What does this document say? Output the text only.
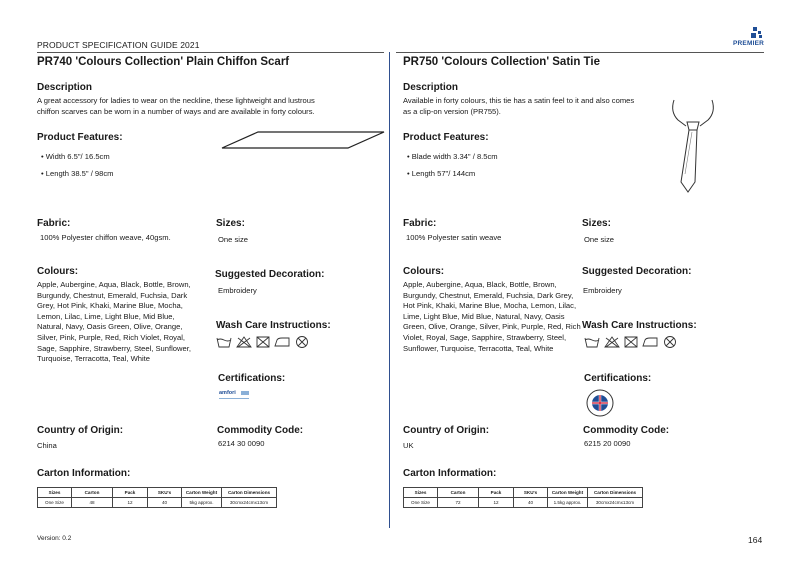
PRODUCT SPECIFICATION GUIDE 2021	PREMIER
PR740 'Colours Collection' Plain Chiffon Scarf
Description
A great accessory for ladies to wear on the neckline, these lightweight and lustrous chiffon scarves can be worn in a number of ways and are available in forty colours.
Product Features:
• Width 6.5"/ 16.5cm
• Length 38.5" / 98cm
Fabric:
100% Polyester chiffon weave, 40gsm.
Sizes:
One size
Colours:
Apple, Aubergine, Aqua, Black, Bottle, Brown, Burgundy, Chestnut, Emerald, Fuchsia, Dark Grey, Hot Pink, Khaki, Marine Blue, Mocha, Lemon, Lilac, Lime, Light Blue, Mid Blue, Natural, Navy, Oasis Green, Olive, Orange, Silver, Pink, Purple, Red, Rich Violet, Royal, Sage, Sapphire, Strawberry, Steel, Sunflower, Turquoise, Terracotta, Teal, White
Suggested Decoration:
Embroidery
Wash Care Instructions:
Certifications:
amfori
Country of Origin:
China
Commodity Code:
6214 30 0090
Carton Information:
Sizes	Carton	Pack	SKU's	Carton Weight	Carton Dimensions
One Size	48	12	40	5kg approx.	30cmx24cmx13cm
PR750 'Colours Collection' Satin Tie
Description
Available in forty colours, this tie has a satin feel to it and also comes as a clip-on version (PR755).
Product Features:
• Blade width 3.34" / 8.5cm
• Length 57"/ 144cm
Fabric:
100% Polyester satin weave
Sizes:
One size
Colours:
Apple, Aubergine, Aqua, Black, Bottle, Brown, Burgundy, Chestnut, Emerald, Fuchsia, Dark Grey, Hot Pink, Khaki, Marine Blue, Mocha, Lemon, Lilac, Lime, Light Blue, Mid Blue, Natural, Navy, Oasis Green, Olive, Orange, Silver, Pink, Purple, Red, Rich Violet, Royal, Sage, Sapphire, Strawberry, Steel, Sunflower, Turquoise, Terracotta, Teal, White
Suggested Decoration:
Embroidery
Wash Care Instructions:
Certifications:
Country of Origin:
UK
Commodity Code:
6215 20 0090
Carton Information:
Sizes	Carton	Pack	SKU's	Carton Weight	Carton Dimensions
One Size	72	12	40	1.5kg approx.	30cmx24cmx13cm
Version: 0.2	164
